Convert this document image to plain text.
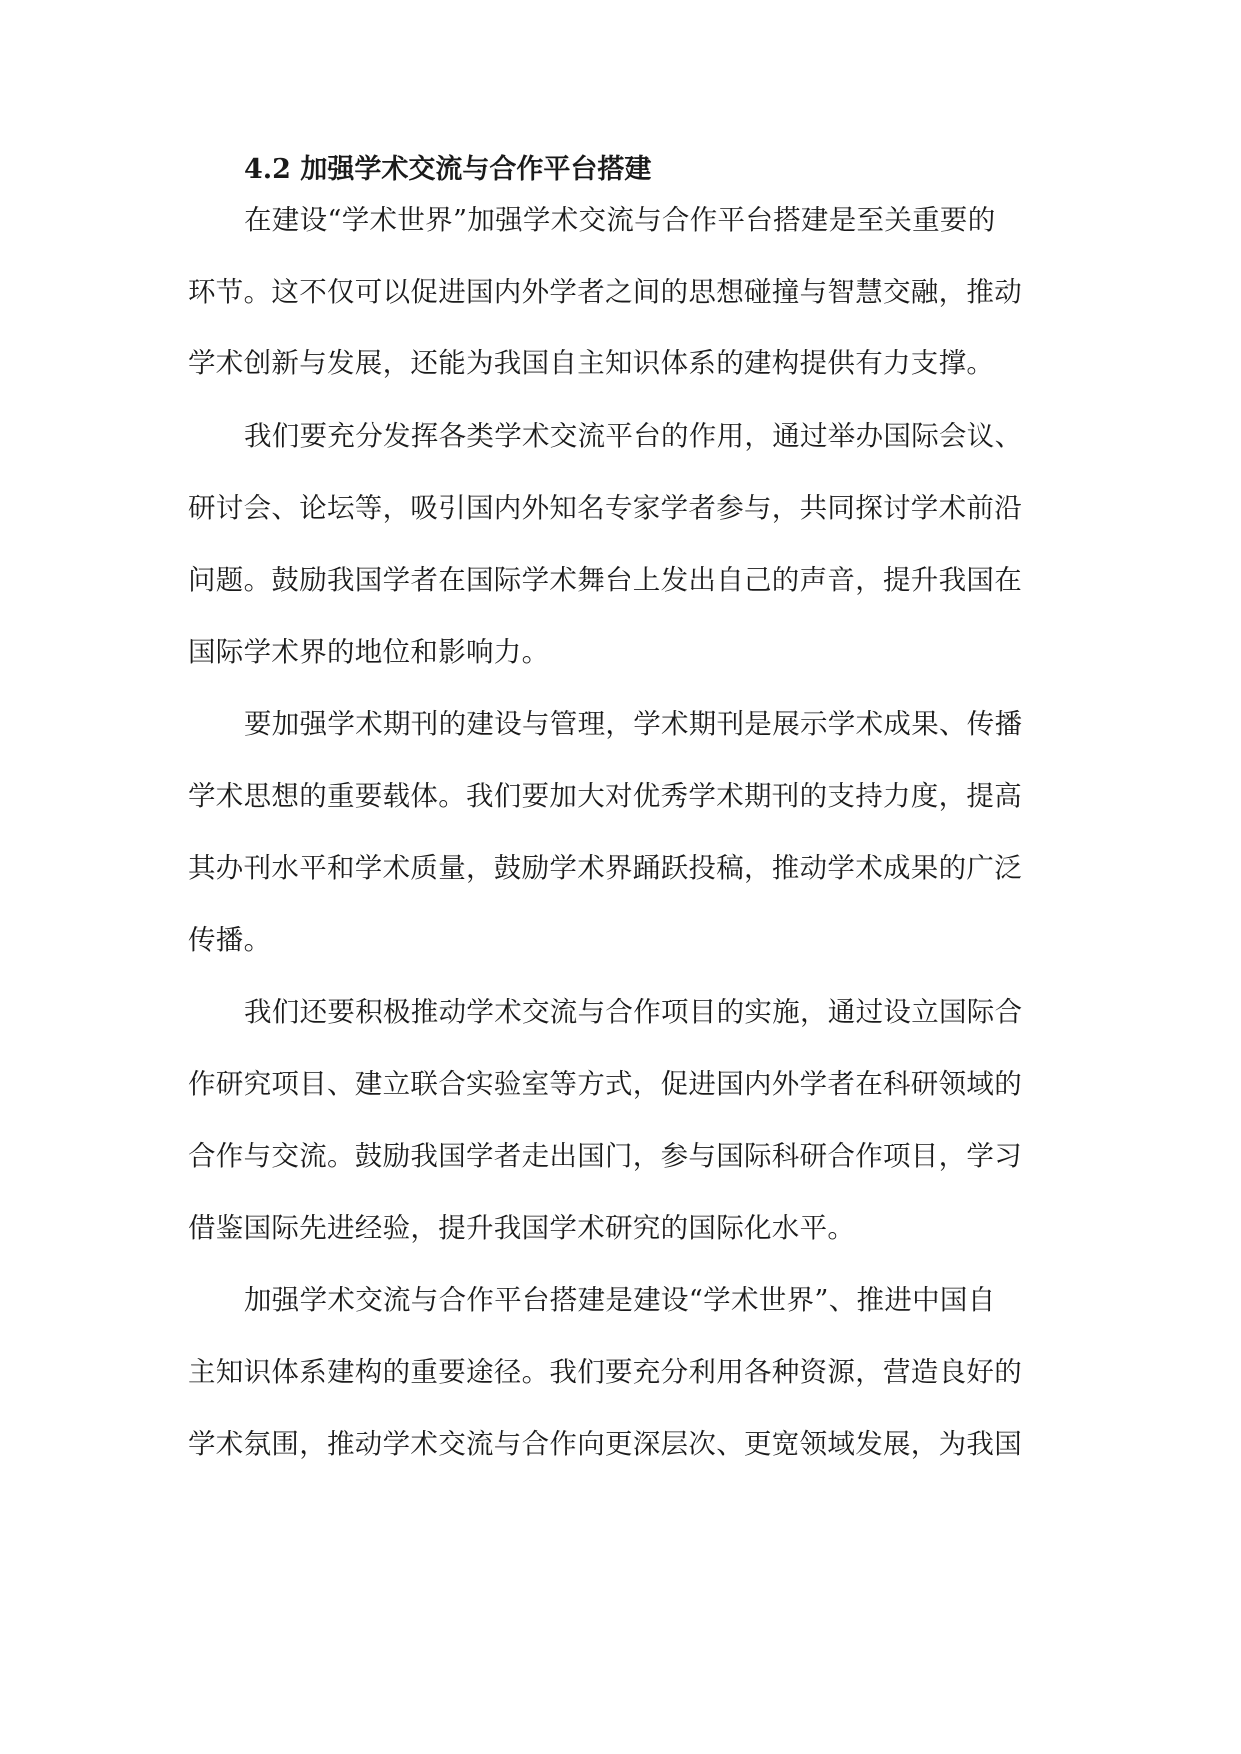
4.2 加强学术交流与合作平台搭建
在建设“学术世界”加强学术交流与合作平台搭建是至关重要的
环节。这不仅可以促进国内外学者之间的思想碰撞与智慧交融，推动
学术创新与发展，还能为我国自主知识体系的建构提供有力支撑。
我们要充分发挥各类学术交流平台的作用，通过举办国际会议、
研讨会、论坛等，吸引国内外知名专家学者参与，共同探讨学术前沿
问题。鼓励我国学者在国际学术舞台上发出自己的声音，提升我国在
国际学术界的地位和影响力。
要加强学术期刊的建设与管理，学术期刊是展示学术成果、传播
学术思想的重要载体。我们要加大对优秀学术期刊的支持力度，提高
其办刊水平和学术质量，鼓励学术界踊跃投稿，推动学术成果的广泛
传播。
我们还要积极推动学术交流与合作项目的实施，通过设立国际合
作研究项目、建立联合实验室等方式，促进国内外学者在科研领域的
合作与交流。鼓励我国学者走出国门，参与国际科研合作项目，学习
借鉴国际先进经验，提升我国学术研究的国际化水平。
加强学术交流与合作平台搭建是建设“学术世界”、推进中国自
主知识体系建构的重要途径。我们要充分利用各种资源，营造良好的
学术氛围，推动学术交流与合作向更深层次、更宽领域发展，为我国
